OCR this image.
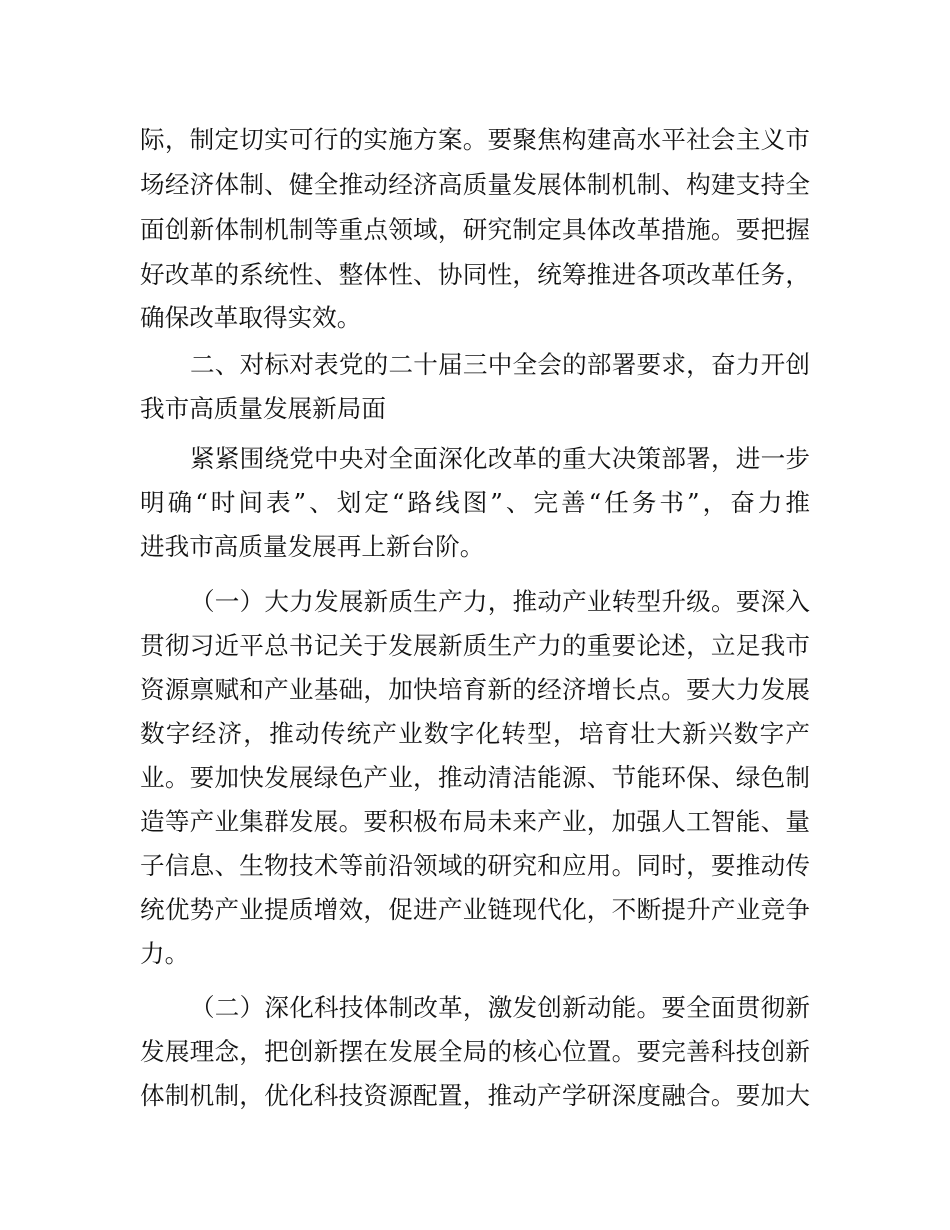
际，制定切实可行的实施方案。要聚焦构建高水平社会主义市
场经济体制、健全推动经济高质量发展体制机制、构建支持全
面创新体制机制等重点领域，研究制定具体改革措施。要把握
好改革的系统性、整体性、协同性，统筹推进各项改革任务，
确保改革取得实效。
二、对标对表党的二十届三中全会的部署要求，奋力开创
我市高质量发展新局面
紧紧围绕党中央对全面深化改革的重大决策部署，进一步
明确“时间表”、划定“路线图”、完善“任务书”，奋力推
进我市高质量发展再上新台阶。
（一）大力发展新质生产力，推动产业转型升级。要深入
贯彻习近平总书记关于发展新质生产力的重要论述，立足我市
资源禀赋和产业基础，加快培育新的经济增长点。要大力发展
数字经济，推动传统产业数字化转型，培育壮大新兴数字产
业。要加快发展绿色产业，推动清洁能源、节能环保、绿色制
造等产业集群发展。要积极布局未来产业，加强人工智能、量
子信息、生物技术等前沿领域的研究和应用。同时，要推动传
统优势产业提质增效，促进产业链现代化，不断提升产业竞争
力。
（二）深化科技体制改革，激发创新动能。要全面贯彻新
发展理念，把创新摆在发展全局的核心位置。要完善科技创新
体制机制，优化科技资源配置，推动产学研深度融合。要加大
